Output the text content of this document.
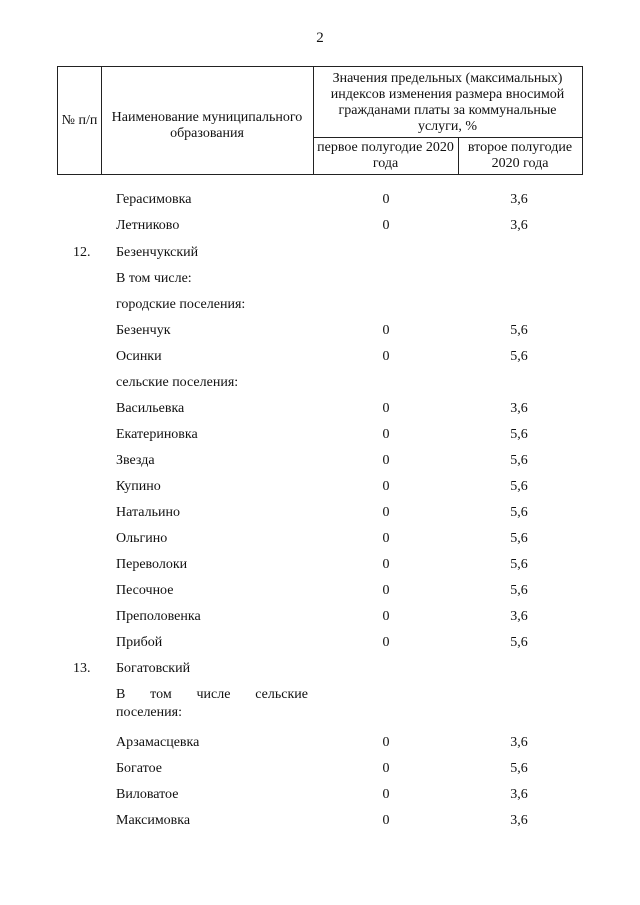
2
№ п/п	Наименование муниципального образования
Значения предельных (максимальных) индексов изменения размера вносимой гражданами платы за коммунальные услуги, %
первое полугодие 2020 года
второе полугодие 2020 года
Герасимовка	0	3,6
Летниково	0	3,6
12. Безенчукский
В том числе:
городские поселения:
Безенчук	0	5,6
Осинки	0	5,6
сельские поселения:
Васильевка	0	3,6
Екатериновка	0	5,6
Звезда	0	5,6
Купино	0	5,6
Натальино	0	5,6
Ольгино	0	5,6
Переволоки	0	5,6
Песочное	0	5,6
Преполовенка	0	3,6
Прибой	0	5,6
13. Богатовский
В том числе сельские поселения:
Арзамасцевка	0	3,6
Богатое	0	5,6
Виловатое	0	3,6
Максимовка	0	3,6
